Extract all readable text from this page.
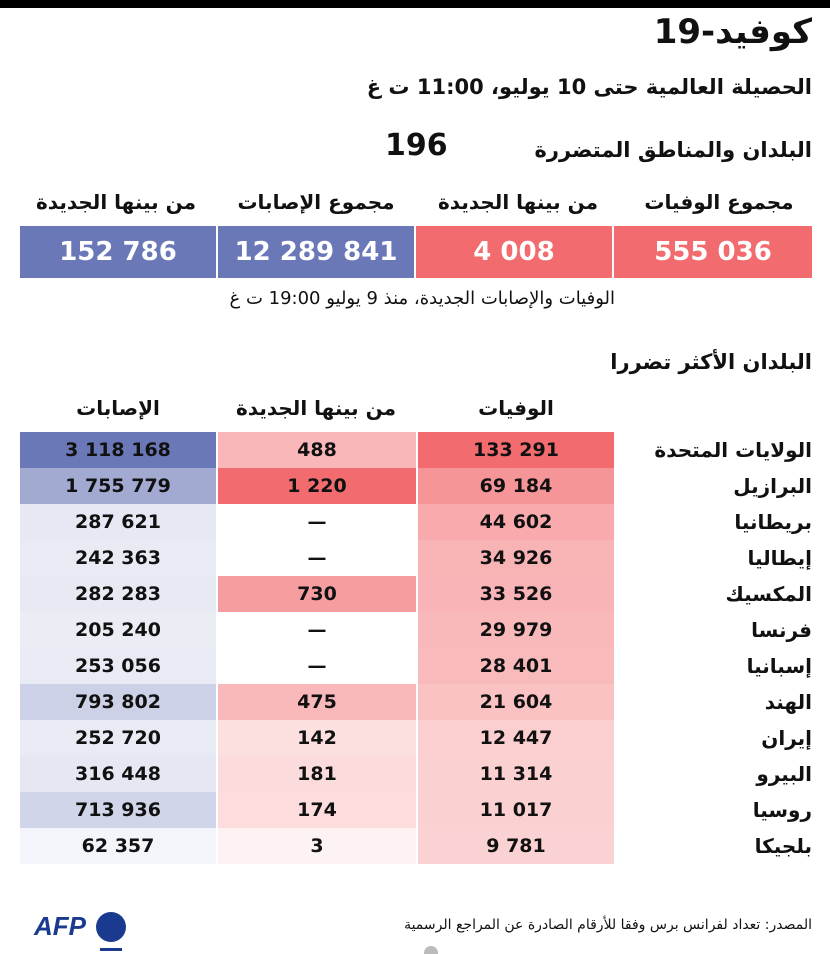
كوفيد-19
الحصيلة العالمية حتى 10 يوليو، 11:00 ت غ
البلدان والمناطق المتضررة
196
مجموع الوفيات
من بينها الجديدة
مجموع الإصابات
من بينها الجديدة
555 036
4 008
12 289 841
152 786
الوفيات والإصابات الجديدة، منذ 9 يوليو 19:00 ت غ
البلدان الأكثر تضررا
الوفيات
من بينها الجديدة
الإصابات
الولايات المتحدة
133 291
488
3 118 168
البرازيل
69 184
1 220
1 755 779
بريطانيا
44 602
—
287 621
إيطاليا
34 926
—
242 363
المكسيك
33 526
730
282 283
فرنسا
29 979
—
205 240
إسبانيا
28 401
—
253 056
الهند
21 604
475
793 802
إيران
12 447
142
252 720
البيرو
11 314
181
316 448
روسيا
11 017
174
713 936
بلجيكا
9 781
3
62 357
المصدر: تعداد لفرانس برس وفقا للأرقام الصادرة عن المراجع الرسمية
AFP
